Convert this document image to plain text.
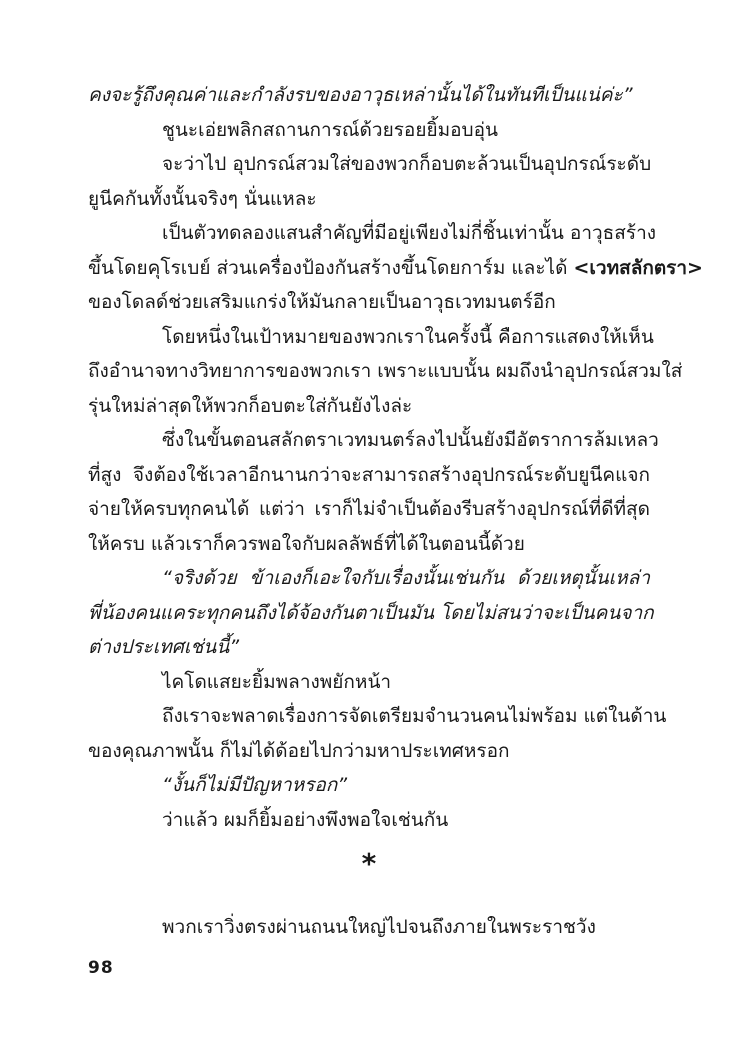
คงจะรู้ถึงคุณค่าและกำลังรบของอาวุธเหล่านั้นได้ในทันทีเป็นแน่ค่ะ”
ชูนะเอ่ยพลิกสถานการณ์ด้วยรอยยิ้มอบอุ่น
จะว่าไป อุปกรณ์สวมใส่ของพวกก็อบตะล้วนเป็นอุปกรณ์ระดับ
ยูนีคกันทั้งนั้นจริงๆ นั่นแหละ
เป็นตัวทดลองแสนสำคัญที่มีอยู่เพียงไม่กี่ชิ้นเท่านั้น อาวุธสร้าง
ขึ้นโดยคุโรเบย์ ส่วนเครื่องป้องกันสร้างขึ้นโดยการ์ม และได้ <เวทสลักตรา>
ของโดลด์ช่วยเสริมแกร่งให้มันกลายเป็นอาวุธเวทมนตร์อีก
โดยหนึ่งในเป้าหมายของพวกเราในครั้งนี้ คือการแสดงให้เห็น
ถึงอำนาจทางวิทยาการของพวกเรา เพราะแบบนั้น ผมถึงนำอุปกรณ์สวมใส่
รุ่นใหม่ล่าสุดให้พวกก็อบตะใส่กันยังไงล่ะ
ซึ่งในขั้นตอนสลักตราเวทมนตร์ลงไปนั้นยังมีอัตราการล้มเหลว
ที่สูง จึงต้องใช้เวลาอีกนานกว่าจะสามารถสร้างอุปกรณ์ระดับยูนีคแจก
จ่ายให้ครบทุกคนได้ แต่ว่า เราก็ไม่จำเป็นต้องรีบสร้างอุปกรณ์ที่ดีที่สุด
ให้ครบ แล้วเราก็ควรพอใจกับผลลัพธ์ที่ได้ในตอนนี้ด้วย
“จริงด้วย ข้าเองก็เอะใจกับเรื่องนั้นเช่นกัน ด้วยเหตุนั้นเหล่า
พี่น้องคนแคระทุกคนถึงได้จ้องกันตาเป็นมัน โดยไม่สนว่าจะเป็นคนจาก
ต่างประเทศเช่นนี้”
ไคโดแสยะยิ้มพลางพยักหน้า
ถึงเราจะพลาดเรื่องการจัดเตรียมจำนวนคนไม่พร้อม แต่ในด้าน
ของคุณภาพนั้น ก็ไม่ได้ด้อยไปกว่ามหาประเทศหรอก
“งั้นก็ไม่มีปัญหาหรอก”
ว่าแล้ว ผมก็ยิ้มอย่างพึงพอใจเช่นกัน
*
พวกเราวิ่งตรงผ่านถนนใหญ่ไปจนถึงภายในพระราชวัง
98
